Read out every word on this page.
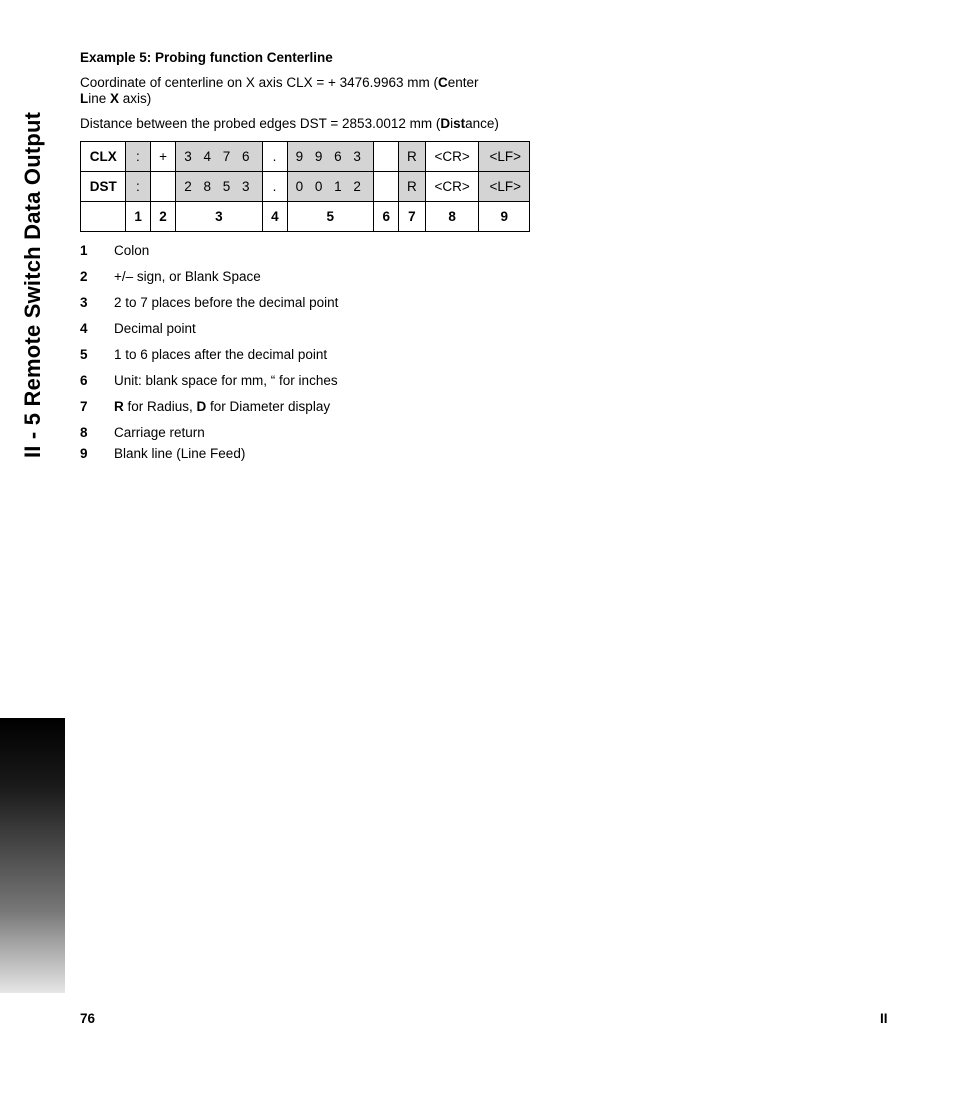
II - 5 Remote Switch Data Output
Example 5: Probing function Centerline

Coordinate of centerline on X axis CLX = + 3476.9963 mm (Center
Line X axis)

Distance between the probed edges DST = 2853.0012 mm (Distance)

CLX	:	+	3 4 7 6	.	9 9 6 3		R	<CR>	<LF>
DST	:		2 8 5 3	.	0 0 1 2		R	<CR>	<LF>
	1	2	3	4	5	6	7	8	9
1	Colon
2	+/– sign, or Blank Space
3	2 to 7 places before the decimal point
4	Decimal point
5	1 to 6 places after the decimal point
6	Unit: blank space for mm, “ for inches
7	R for Radius, D for Diameter display
8	Carriage return
9	Blank line (Line Feed)
76	II
